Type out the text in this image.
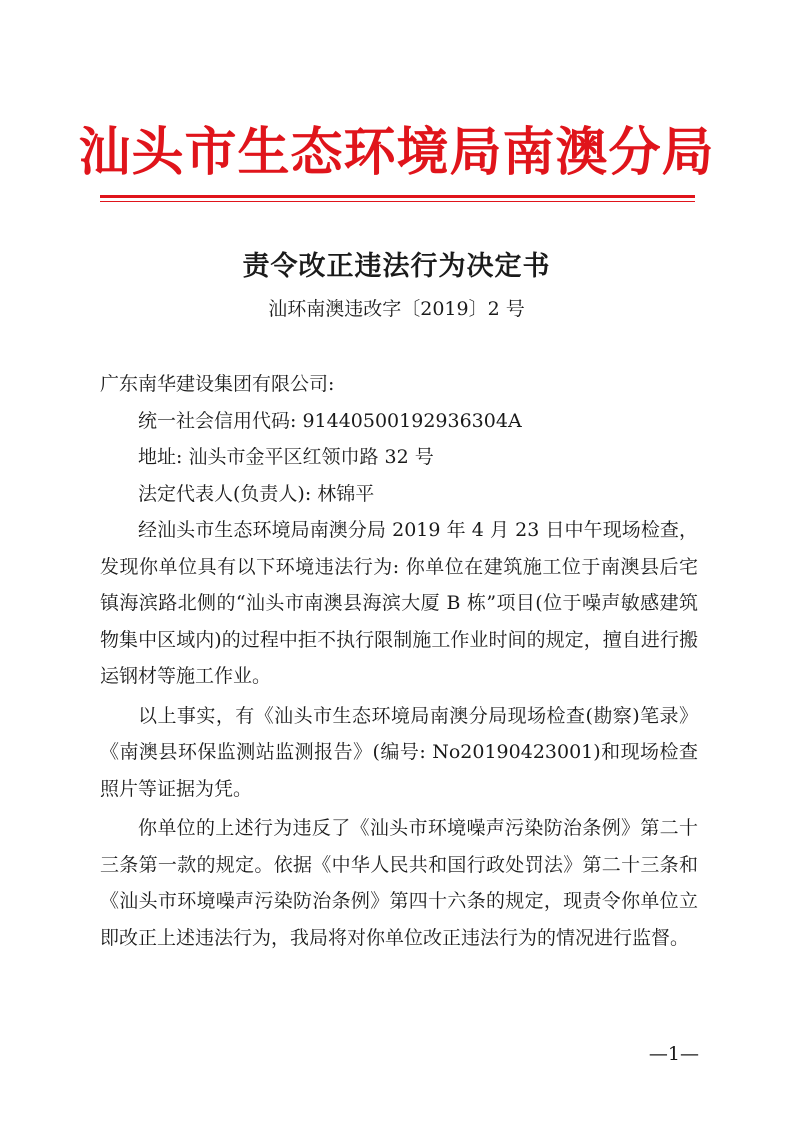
汕头市生态环境局南澳分局
责令改正违法行为决定书
汕环南澳违改字〔2019〕2 号

广东南华建设集团有限公司:

统一社会信用代码: 91440500192936304A

地址: 汕头市金平区红领巾路 32 号

法定代表人(负责人): 林锦平

经汕头市生态环境局南澳分局 2019 年 4 月 23 日中午现场检查，发现你单位具有以下环境违法行为: 你单位在建筑施工位于南澳县后宅镇海滨路北侧的“汕头市南澳县海滨大厦 B 栋”项目(位于噪声敏感建筑物集中区域内)的过程中拒不执行限制施工作业时间的规定，擅自进行搬运钢材等施工作业。

以上事实，有《汕头市生态环境局南澳分局现场检查(勘察)笔录》《南澳县环保监测站监测报告》(编号: No20190423001)和现场检查照片等证据为凭。

你单位的上述行为违反了《汕头市环境噪声污染防治条例》第二十三条第一款的规定。依据《中华人民共和国行政处罚法》第二十三条和《汕头市环境噪声污染防治条例》第四十六条的规定，现责令你单位立即改正上述违法行为，我局将对你单位改正违法行为的情况进行监督。

—1—
